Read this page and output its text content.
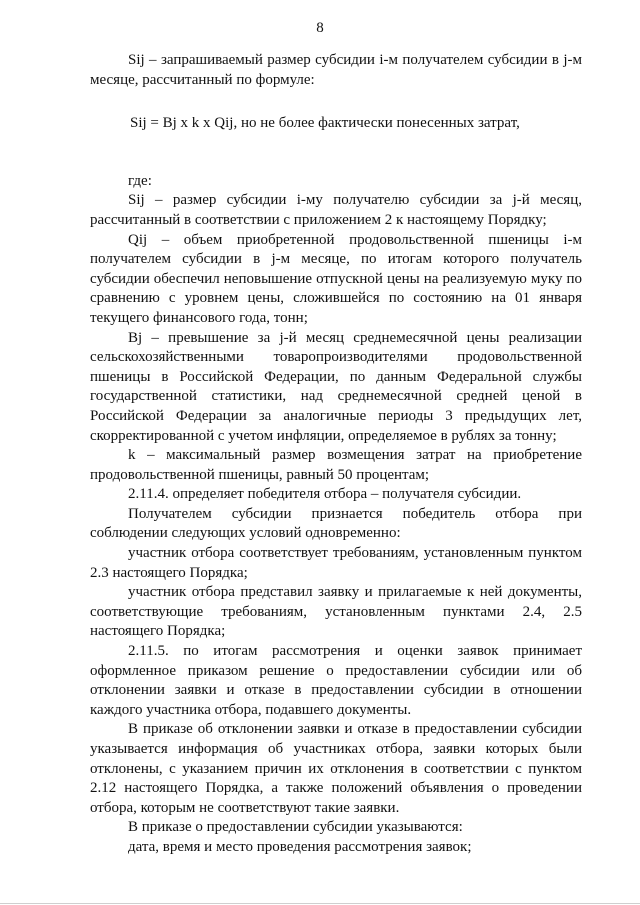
8

Sij – запрашиваемый размер субсидии i-м получателем субсидии в j-м месяце, рассчитанный по формуле:

Sij = Bj x k x Qij, но не более фактически понесенных затрат,

где:

Sij – размер субсидии i-му получателю субсидии за j-й месяц, рассчитанный в соответствии с приложением 2 к настоящему Порядку;

Qij – объем приобретенной продовольственной пшеницы i-м получателем субсидии в j-м месяце, по итогам которого получатель субсидии обеспечил неповышение отпускной цены на реализуемую муку по сравнению с уровнем цены, сложившейся по состоянию на 01 января текущего финансового года, тонн;

Bj – превышение за j-й месяц среднемесячной цены реализации сельскохозяйственными товаропроизводителями продовольственной пшеницы в Российской Федерации, по данным Федеральной службы государственной статистики, над среднемесячной средней ценой в Российской Федерации за аналогичные периоды 3 предыдущих лет, скорректированной с учетом инфляции, определяемое в рублях за тонну;

k – максимальный размер возмещения затрат на приобретение продовольственной пшеницы, равный 50 процентам;

2.11.4. определяет победителя отбора – получателя субсидии.

Получателем субсидии признается победитель отбора при соблюдении следующих условий одновременно:

участник отбора соответствует требованиям, установленным пунктом 2.3 настоящего Порядка;

участник отбора представил заявку и прилагаемые к ней документы, соответствующие требованиям, установленным пунктами 2.4, 2.5 настоящего Порядка;

2.11.5. по итогам рассмотрения и оценки заявок принимает оформленное приказом решение о предоставлении субсидии или об отклонении заявки и отказе в предоставлении субсидии в отношении каждого участника отбора, подавшего документы.

В приказе об отклонении заявки и отказе в предоставлении субсидии указывается информация об участниках отбора, заявки которых были отклонены, с указанием причин их отклонения в соответствии с пунктом 2.12 настоящего Порядка, а также положений объявления о проведении отбора, которым не соответствуют такие заявки.

В приказе о предоставлении субсидии указываются:

дата, время и место проведения рассмотрения заявок;
